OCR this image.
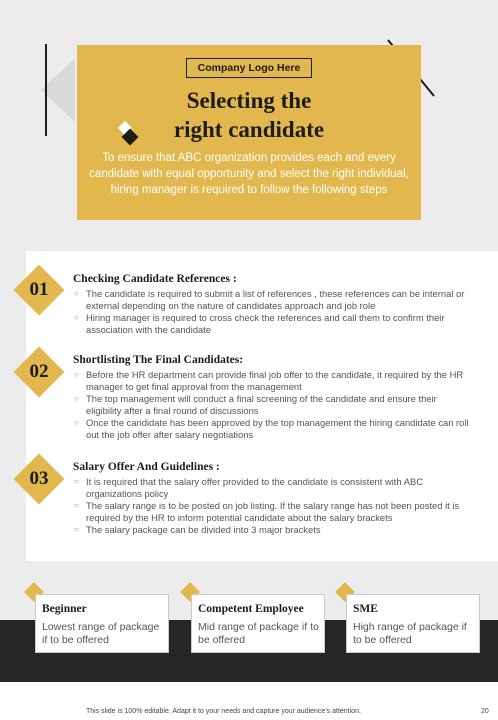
Company Logo Here
Selecting the
right candidate

To ensure that ABC organization provides each and every candidate with equal opportunity and select the right individual, hiring manager is required to follow the following steps

01	Checking Candidate References :
○ The candidate is required to submit a list of references , these references can be internal or external depending on the nature of candidates approach and job role
○ Hiring manager is required to cross check the references and call them to confirm their association with the candidate
02
Shortlisting The Final Candidates:
○ Before the HR department can provide final job offer to the candidate, it required by the HR manager to get final approval from the management
○ The top management will conduct a final screening of the candidate and ensure their eligibility after a final round of discussions
○ Once the candidate has been approved by the top management the hiring candidate can roll out the job offer after salary negotiations
03
Salary Offer And Guidelines :
○ It is required that the salary offer provided to the candidate is consistent with ABC organizations policy
○ The salary range is to be posted on job listing. If the salary range has not been posted it is required by the HR to inform potential candidate about the salary brackets
○ The salary package can be divided into 3 major brackets
Beginner
Lowest range of package if to be offered
Competent Employee
Mid range of package if to be offered
SME
High range of package if to be offered
This slide is 100% editable. Adapt it to your needs and capture your audience's attention.	20
